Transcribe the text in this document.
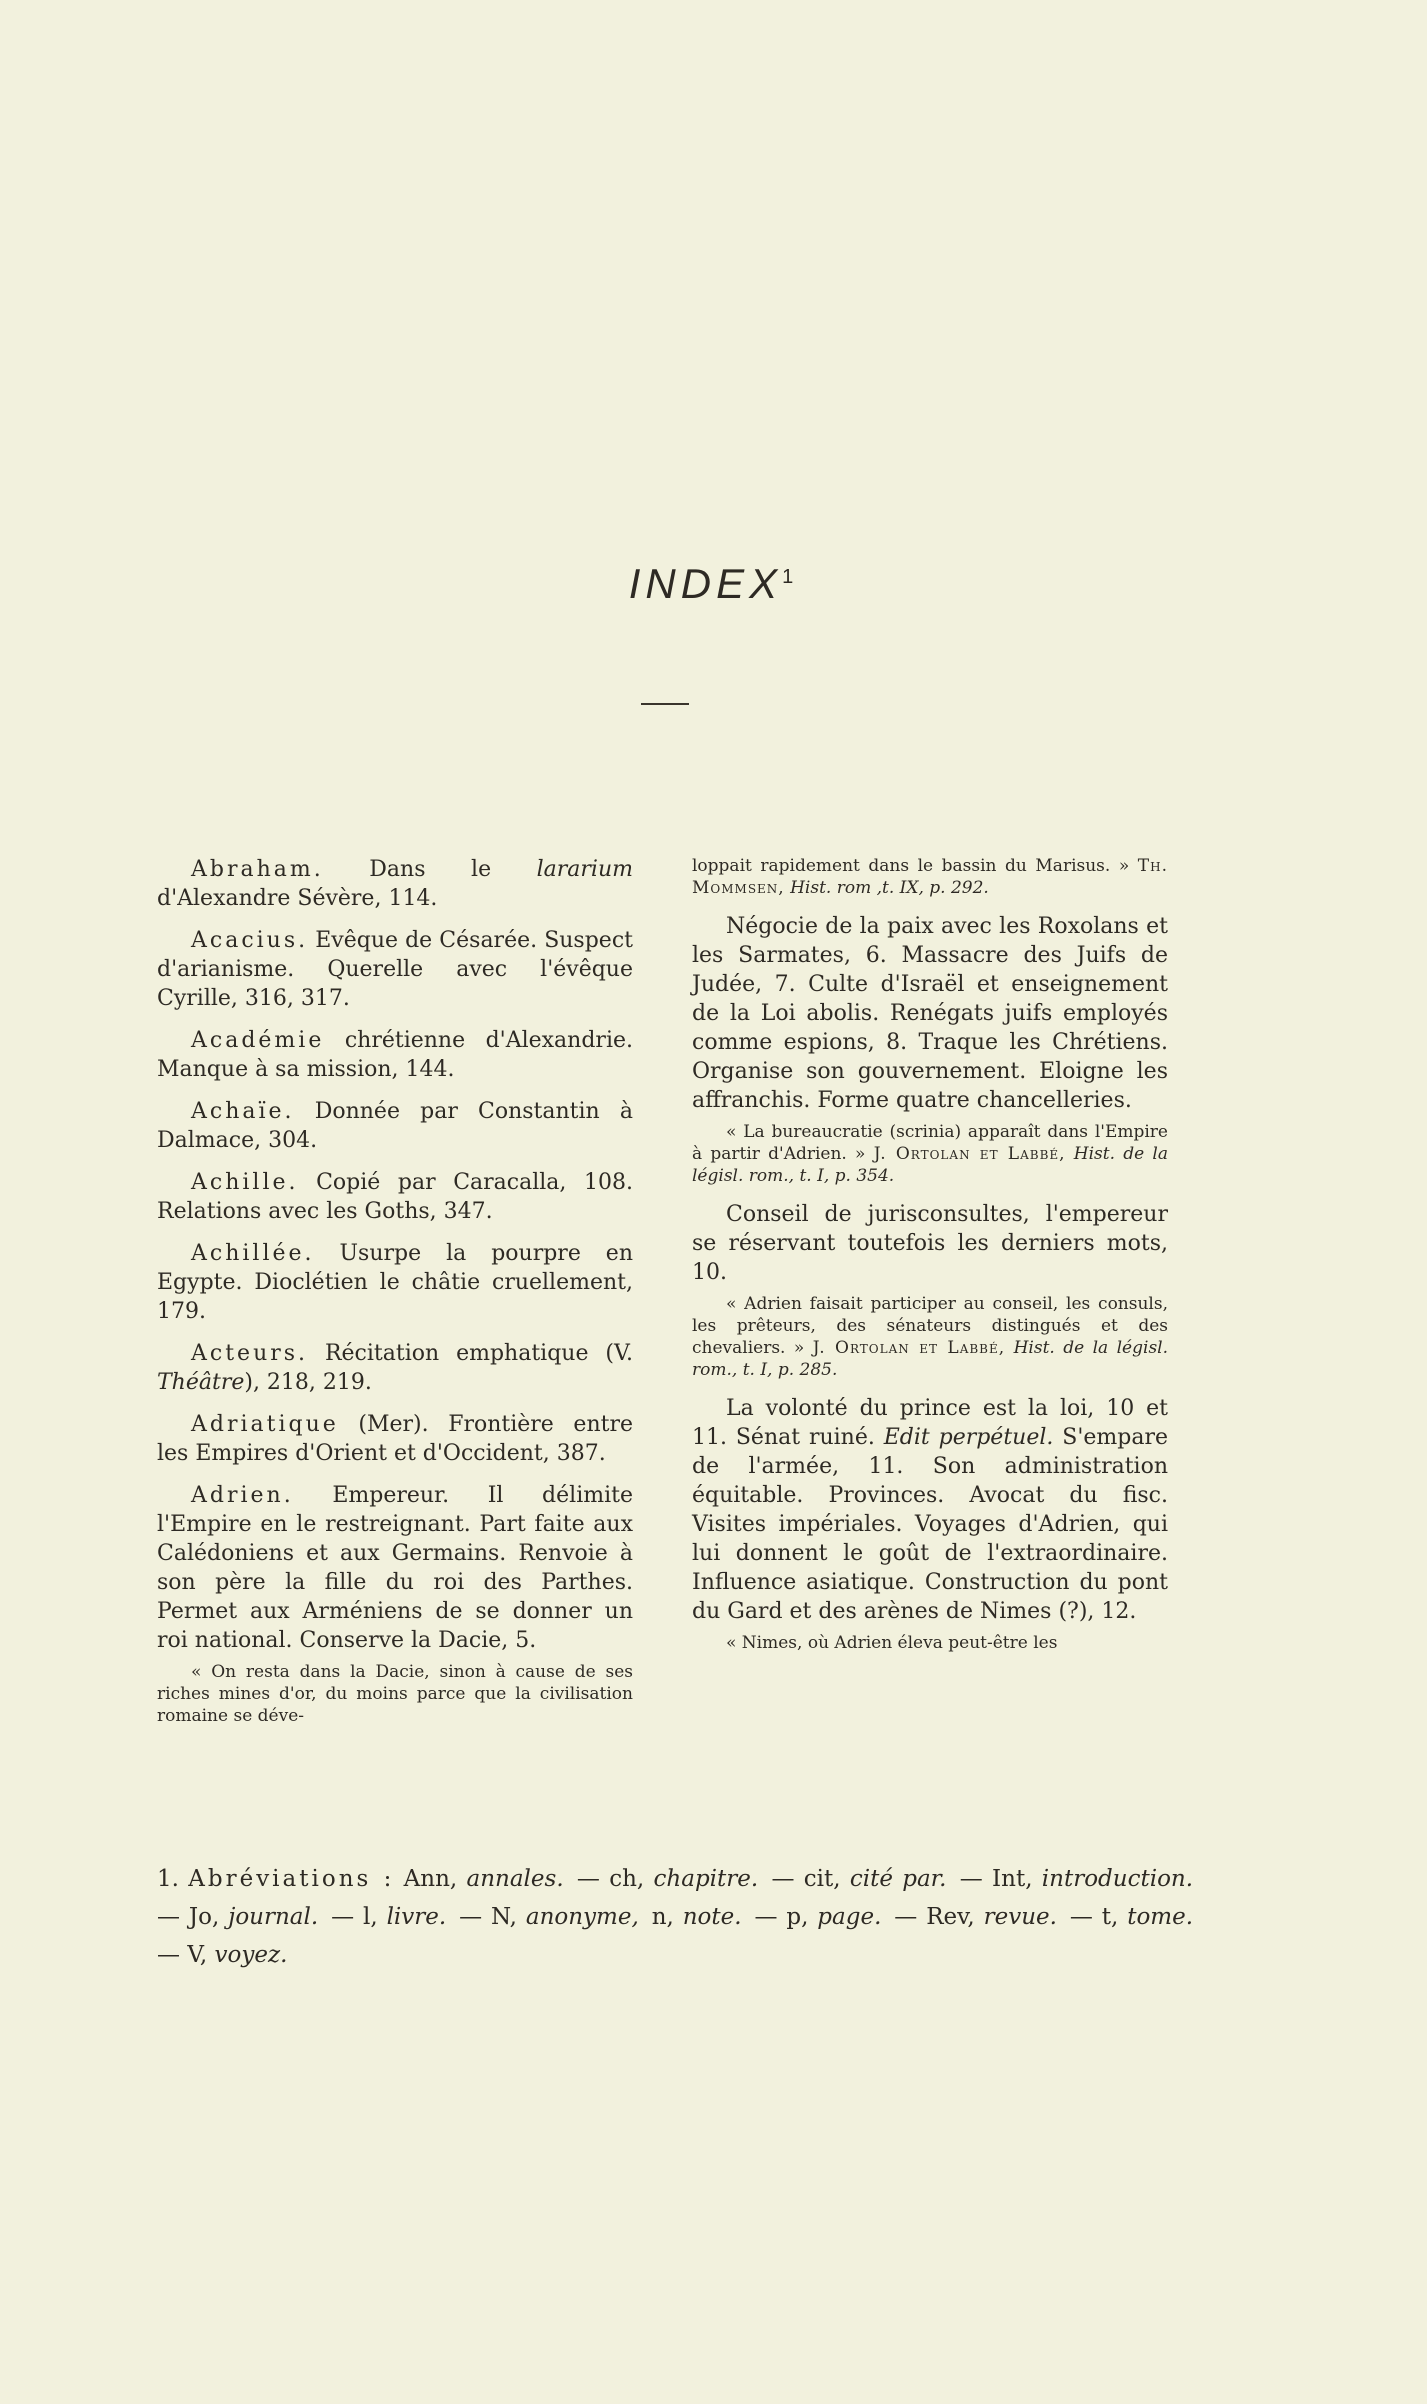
INDEX$^1$

Abraham. Dans le lararium d'Alexandre Sévère, 114.

Acacius. Evêque de Césarée. Suspect d'arianisme. Querelle avec l'évêque Cyrille, 316, 317.

Académie chrétienne d'Alexandrie. Manque à sa mission, 144.

Achaïe. Donnée par Constantin à Dalmace, 304.

Achille. Copié par Caracalla, 108. Relations avec les Goths, 347.

Achillée. Usurpe la pourpre en Egypte. Dioclétien le châtie cruellement, 179.

Acteurs. Récitation emphatique (V. Théâtre), 218, 219.

Adriatique (Mer). Frontière entre les Empires d'Orient et d'Occident, 387.

Adrien. Empereur. Il délimite l'Empire en le restreignant. Part faite aux Calédoniens et aux Germains. Renvoie à son père la fille du roi des Parthes. Permet aux Arméniens de se donner un roi national. Conserve la Dacie, 5.

« On resta dans la Dacie, sinon à cause de ses riches mines d'or, du moins parce que la civilisation romaine se déve-

loppait rapidement dans le bassin du Marisus. » Th. Mommsen, Hist. rom ,t. IX, p. 292.

Négocie de la paix avec les Roxolans et les Sarmates, 6. Massacre des Juifs de Judée, 7. Culte d'Israël et enseignement de la Loi abolis. Renégats juifs employés comme espions, 8. Traque les Chrétiens. Organise son gouvernement. Eloigne les affranchis. Forme quatre chancelleries.

« La bureaucratie (scrinia) apparaît dans l'Empire à partir d'Adrien. » J. Ortolan et Labbé, Hist. de la législ. rom., t. I, p. 354.

Conseil de jurisconsultes, l'empereur se réservant toutefois les derniers mots, 10.

« Adrien faisait participer au conseil, les consuls, les prêteurs, des sénateurs distingués et des chevaliers. » J. Ortolan et Labbé, Hist. de la législ. rom., t. I, p. 285.

La volonté du prince est la loi, 10 et 11. Sénat ruiné. Edit perpétuel. S'empare de l'armée, 11. Son administration équitable. Provinces. Avocat du fisc. Visites impériales. Voyages d'Adrien, qui lui donnent le goût de l'extraordinaire. Influence asiatique. Construction du pont du Gard et des arènes de Nimes (?), 12.

« Nimes, où Adrien éleva peut-être les

1. Abréviations : Ann, annales. — ch, chapitre. — cit, cité par. — Int, introduction. — Jo, journal. — l, livre. — N, anonyme, n, note. — p, page. — Rev, revue. — t, tome. — V, voyez.
